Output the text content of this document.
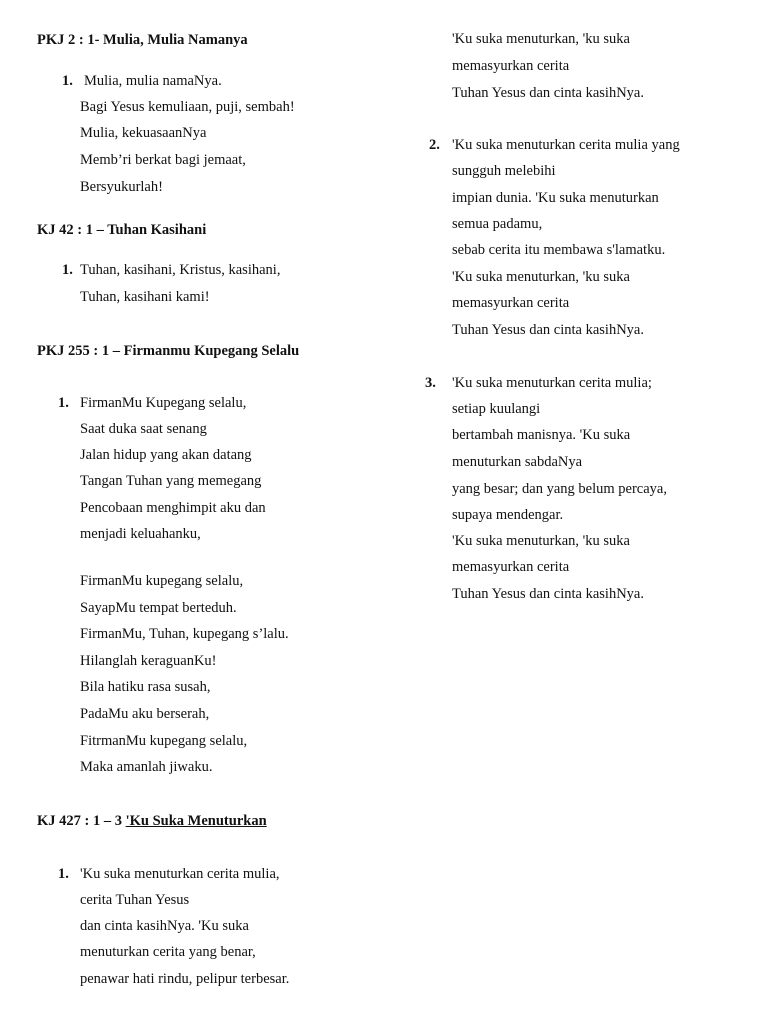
PKJ 2 : 1- Mulia, Mulia Namanya
1. Mulia, mulia namaNya.
Bagi Yesus kemuliaan, puji, sembah!
Mulia, kekuasaanNya
Memb’ri berkat bagi jemaat,
Bersyukurlah!
KJ 42 : 1 – Tuhan Kasihani
1. Tuhan, kasihani, Kristus, kasihani,
Tuhan, kasihani kami!
PKJ 255 : 1 – Firmanmu Kupegang Selalu
1. FirmanMu Kupegang selalu,
Saat duka saat senang
Jalan hidup yang akan datang
Tangan Tuhan yang memegang
Pencobaan menghimpit aku dan
menjadi keluahanku,
FirmanMu kupegang selalu,
SayapMu tempat berteduh.
FirmanMu, Tuhan, kupegang s’lalu.
Hilanglah keraguanKu!
Bila hatiku rasa susah,
PadaMu aku berserah,
FitrmanMu kupegang selalu,
Maka amanlah jiwaku.
KJ 427 : 1 – 3 'Ku Suka Menuturkan
1. 'Ku suka menuturkan cerita mulia,
cerita Tuhan Yesus
dan cinta kasihNya. 'Ku suka
menuturkan cerita yang benar,
penawar hati rindu, pelipur terbesar.
'Ku suka menuturkan, 'ku suka
memasyurkan cerita
Tuhan Yesus dan cinta kasihNya.
2. 'Ku suka menuturkan cerita mulia yang
sungguh melebihi
impian dunia. 'Ku suka menuturkan
semua padamu,
sebab cerita itu membawa s'lamatku.
'Ku suka menuturkan, 'ku suka
memasyurkan cerita
Tuhan Yesus dan cinta kasihNya.
3. 'Ku suka menuturkan cerita mulia;
setiap kuulangi
bertambah manisnya. 'Ku suka
menuturkan sabdaNya
yang besar; dan yang belum percaya,
supaya mendengar.
'Ku suka menuturkan, 'ku suka
memasyurkan cerita
Tuhan Yesus dan cinta kasihNya.
